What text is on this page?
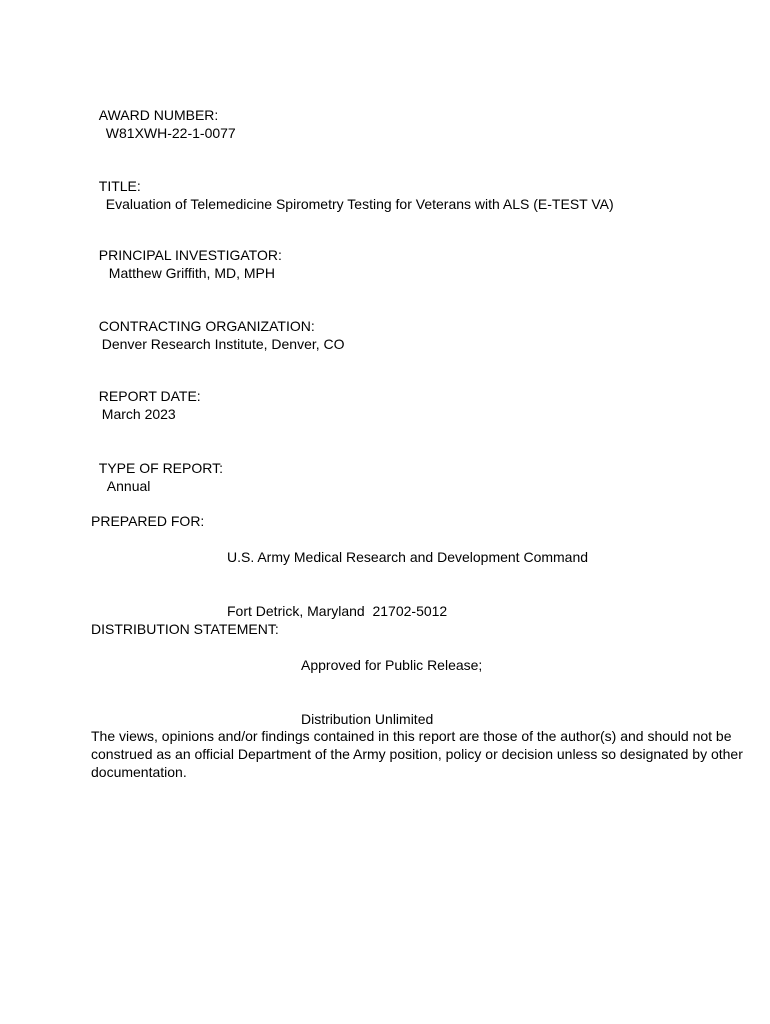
AWARD NUMBER:
W81XWH-22-1-0077

TITLE:
Evaluation of Telemedicine Spirometry Testing for Veterans with ALS (E-TEST VA)

PRINCIPAL INVESTIGATOR:
Matthew Griffith, MD, MPH

CONTRACTING ORGANIZATION:
Denver Research Institute, Denver, CO

REPORT DATE:
March 2023

TYPE OF REPORT:
Annual

PREPARED FOR:

U.S. Army Medical Research and Development Command

Fort Detrick, Maryland  21702-5012

DISTRIBUTION STATEMENT:

Approved for Public Release;

Distribution Unlimited

The views, opinions and/or findings contained in this report are those of the author(s) and should not be construed as an official Department of the Army position, policy or decision unless so designated by other documentation.
